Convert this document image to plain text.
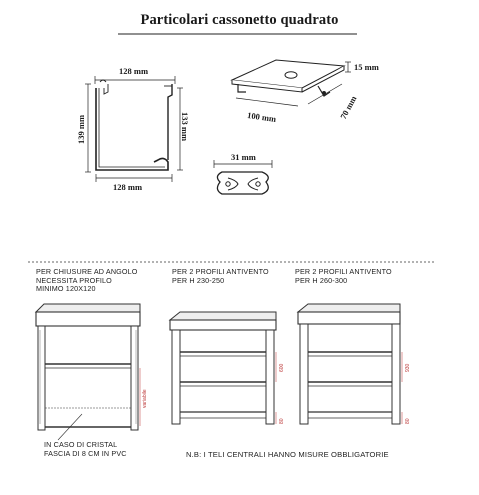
Particolari cassonetto quadrato
variabile
600
80
930
80
128 mm
128 mm
139 mm	133 mm
15 mm
100 mm	70 mm
31 mm
PER CHIUSURE AD ANGOLO
NECESSITA PROFILO
MINIMO 120X120
PER 2 PROFILI ANTIVENTO
PER H 230-250
PER 2 PROFILI ANTIVENTO
PER H 260-300
IN CASO DI CRISTAL
FASCIA DI 8 CM IN PVC	N.B: I TELI CENTRALI HANNO MISURE OBBLIGATORIE
